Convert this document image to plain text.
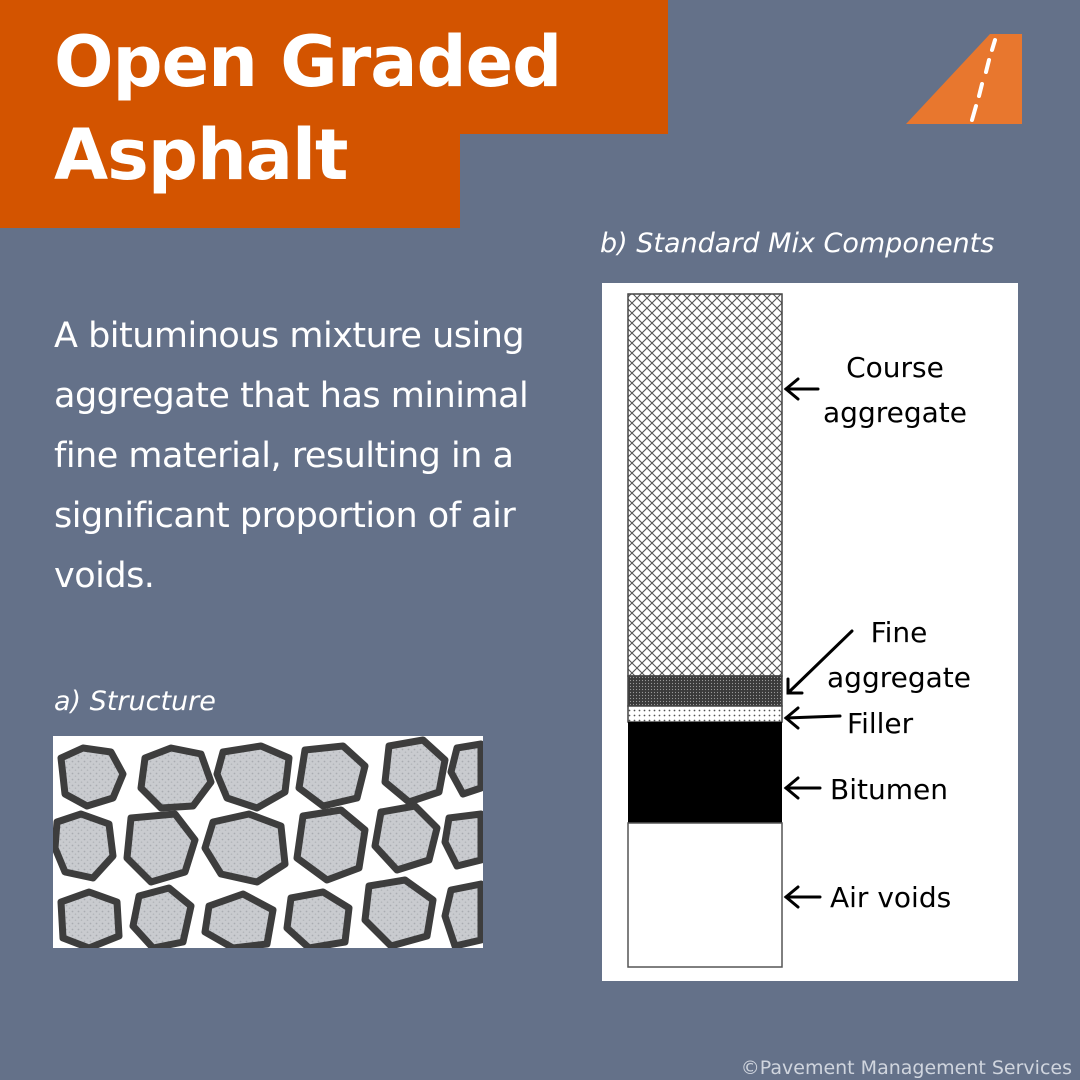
Open Graded
Asphalt

A bituminous mixture using aggregate that has minimal fine material, resulting in a significant proportion of air voids.

a) Structure

b) Standard Mix Components

Course
aggregate

Fine
aggregate

Filler

Bitumen

Air voids

©Pavement Management Services
